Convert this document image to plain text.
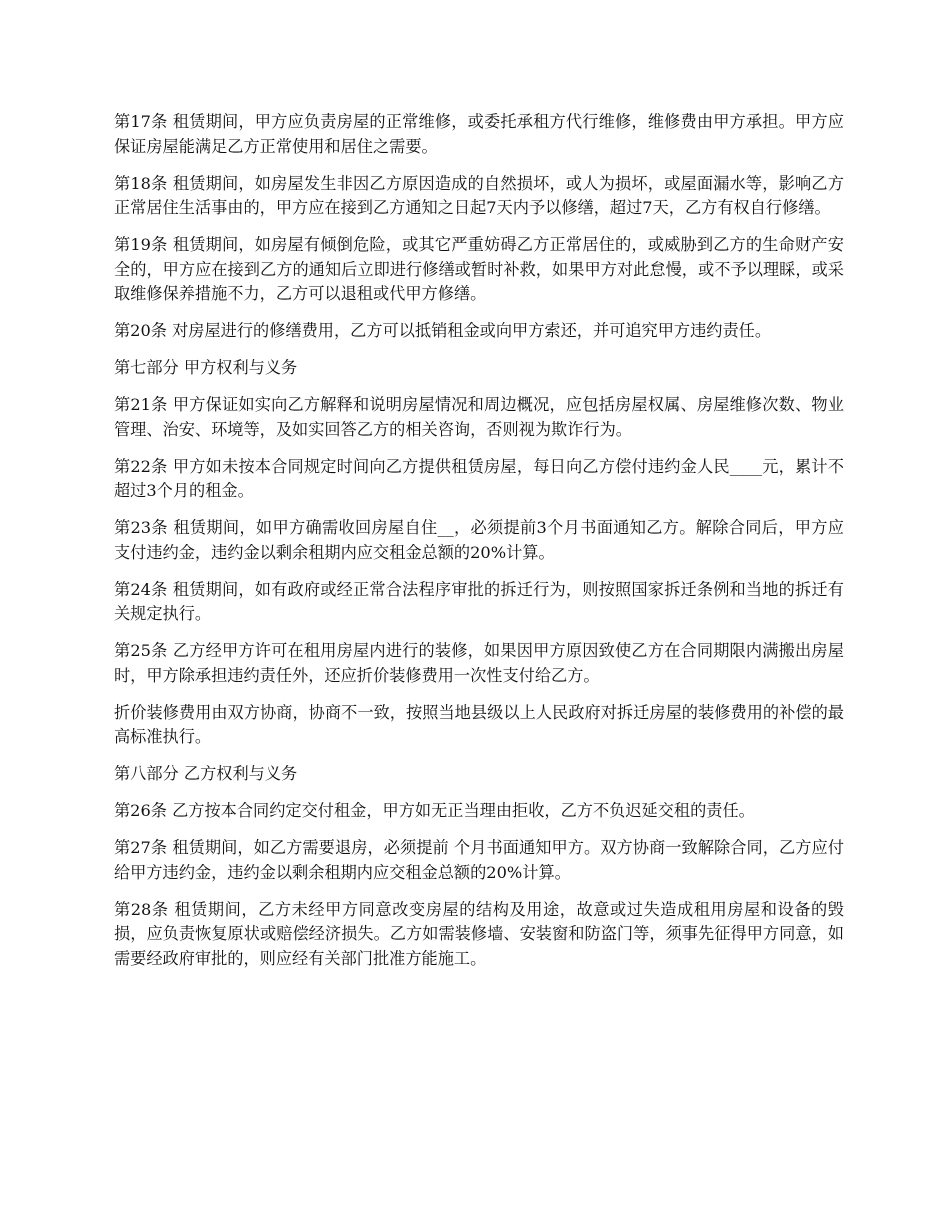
第17条 租赁期间，甲方应负责房屋的正常维修，或委托承租方代行维修，维修费由甲方承担。甲方应保证房屋能满足乙方正常使用和居住之需要。

第18条 租赁期间，如房屋发生非因乙方原因造成的自然损坏，或人为损坏，或屋面漏水等，影响乙方正常居住生活事由的，甲方应在接到乙方通知之日起7天内予以修缮，超过7天，乙方有权自行修缮。

第19条 租赁期间，如房屋有倾倒危险，或其它严重妨碍乙方正常居住的，或威胁到乙方的生命财产安全的，甲方应在接到乙方的通知后立即进行修缮或暂时补救，如果甲方对此怠慢，或不予以理睬，或采取维修保养措施不力，乙方可以退租或代甲方修缮。

第20条 对房屋进行的修缮费用，乙方可以抵销租金或向甲方索还，并可追究甲方违约责任。

第七部分 甲方权利与义务

第21条 甲方保证如实向乙方解释和说明房屋情况和周边概况，应包括房屋权属、房屋维修次数、物业管理、治安、环境等，及如实回答乙方的相关咨询，否则视为欺诈行为。

第22条 甲方如未按本合同规定时间向乙方提供租赁房屋，每日向乙方偿付违约金人民____元，累计不超过3个月的租金。

第23条 租赁期间，如甲方确需收回房屋自住__，必须提前3个月书面通知乙方。解除合同后，甲方应支付违约金，违约金以剩余租期内应交租金总额的20%计算。

第24条 租赁期间，如有政府或经正常合法程序审批的拆迁行为，则按照国家拆迁条例和当地的拆迁有关规定执行。

第25条 乙方经甲方许可在租用房屋内进行的装修，如果因甲方原因致使乙方在合同期限内满搬出房屋时，甲方除承担违约责任外，还应折价装修费用一次性支付给乙方。

折价装修费用由双方协商，协商不一致，按照当地县级以上人民政府对拆迁房屋的装修费用的补偿的最高标准执行。

第八部分 乙方权利与义务

第26条 乙方按本合同约定交付租金，甲方如无正当理由拒收，乙方不负迟延交租的责任。

第27条 租赁期间，如乙方需要退房，必须提前 个月书面通知甲方。双方协商一致解除合同，乙方应付给甲方违约金，违约金以剩余租期内应交租金总额的20%计算。

第28条 租赁期间，乙方未经甲方同意改变房屋的结构及用途，故意或过失造成租用房屋和设备的毁损，应负责恢复原状或赔偿经济损失。乙方如需装修墙、安装窗和防盗门等，须事先征得甲方同意，如需要经政府审批的，则应经有关部门批准方能施工。
